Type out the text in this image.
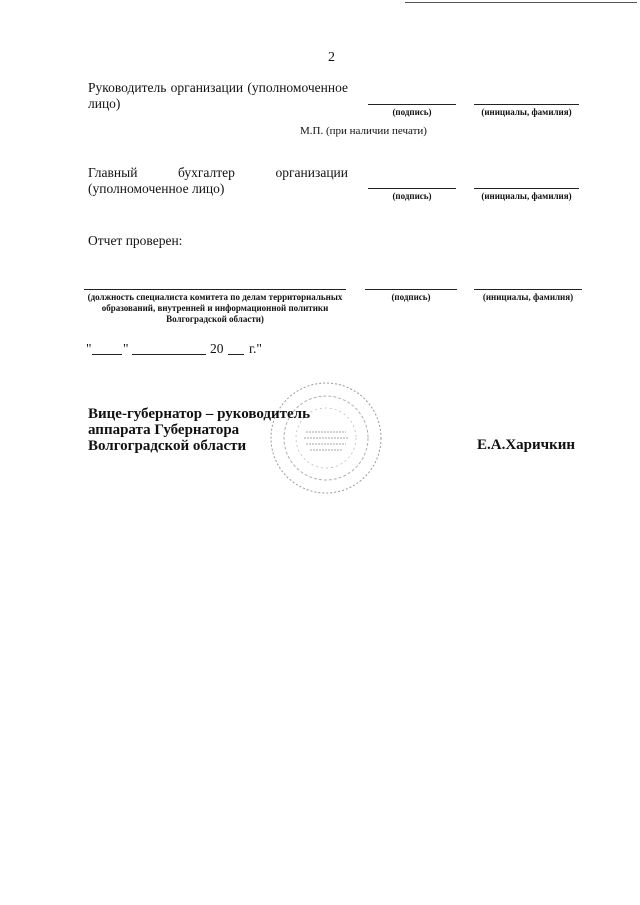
2
Руководитель организации (уполномоченное лицо)
(подпись)	(инициалы, фамилия)
М.П. (при наличии печати)
Главный бухгалтер организации (уполномоченное лицо)	(подпись)	(инициалы, фамилия)
Отчет проверен:
(должность специалиста комитета по делам территориальных
образований, внутренней и информационной политики
Волгоградской области)
(подпись)	(инициалы, фамилия)
" "	20 г."
Вице-губернатор – руководитель
аппарата Губернатора
Волгоградской области	Е.А.Харичкин
